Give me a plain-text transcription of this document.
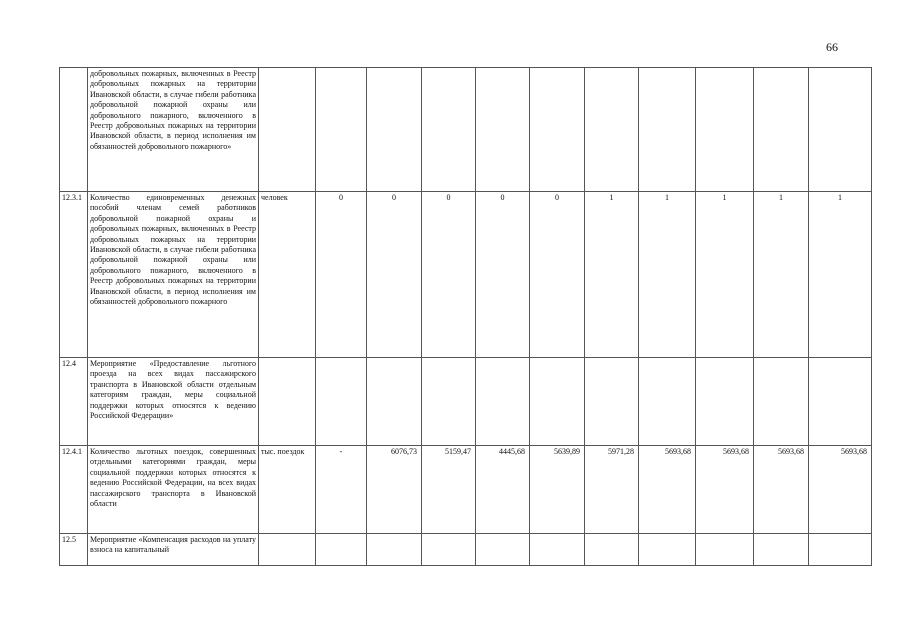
66
	добровольных пожарных, включенных в Реестр добровольных пожарных на территории Ивановской области, в случае гибели работника добровольной пожарной охраны или добровольного пожарного, включенного в Реестр добровольных пожарных на территории Ивановской области, в период исполнения им обязанностей добровольного пожарного»											
12.3.1	Количество единовременных денежных пособий членам семей работников добровольной пожарной охраны и добровольных пожарных, включенных в Реестр добровольных пожарных на территории Ивановской области, в случае гибели работника добровольной пожарной охраны или добровольного пожарного, включенного в Реестр добровольных пожарных на территории Ивановской области, в период исполнения им обязанностей добровольного пожарного	человек	0	0	0	0	0	1	1	1	1	1
12.4	Мероприятие «Предоставление льготного проезда на всех видах пассажирского транспорта в Ивановской области отдельным категориям граждан, меры социальной поддержки которых относятся к ведению Российской Федерации»											
12.4.1	Количество льготных поездок, совершенных отдельными категориями граждан, меры социальной поддержки которых относятся к ведению Российской Федерации, на всех видах пассажирского транспорта в Ивановской области	тыс. поездок	-	6076,73	5159,47	4445,68	5639,89	5971,28	5693,68	5693,68	5693,68	5693,68
12.5	Мероприятие «Компенсация расходов на уплату взноса на капитальный											
